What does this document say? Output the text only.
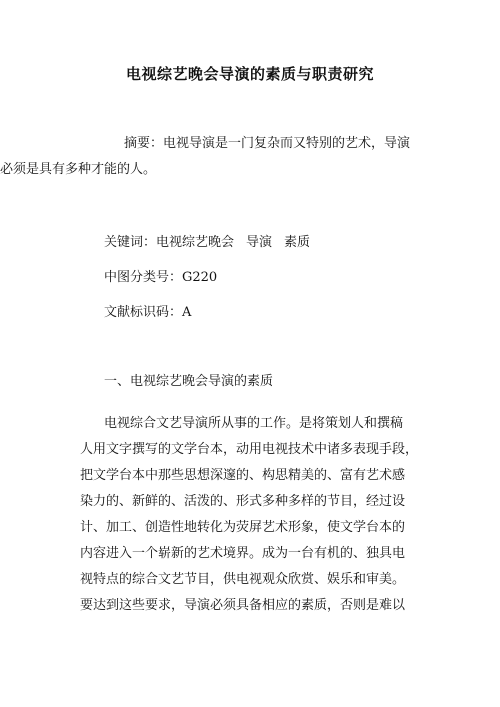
电视综艺晚会导演的素质与职责研究
摘要：电视导演是一门复杂而又特别的艺术，导演
必须是具有多种才能的人。
关键词：电视综艺晚会 导演 素质
中图分类号：G220
文献标识码：A
一、电视综艺晚会导演的素质
电视综合文艺导演所从事的工作。是将策划人和撰稿
人用文字撰写的文学台本，动用电视技术中诸多表现手段，
把文学台本中那些思想深邃的、构思精美的、富有艺术感
染力的、新鲜的、活泼的、形式多种多样的节目，经过设
计、加工、创造性地转化为荧屏艺术形象，使文学台本的
内容进入一个崭新的艺术境界。成为一台有机的、独具电
视特点的综合文艺节目，供电视观众欣赏、娱乐和审美。
要达到这些要求，导演必须具备相应的素质，否则是难以
